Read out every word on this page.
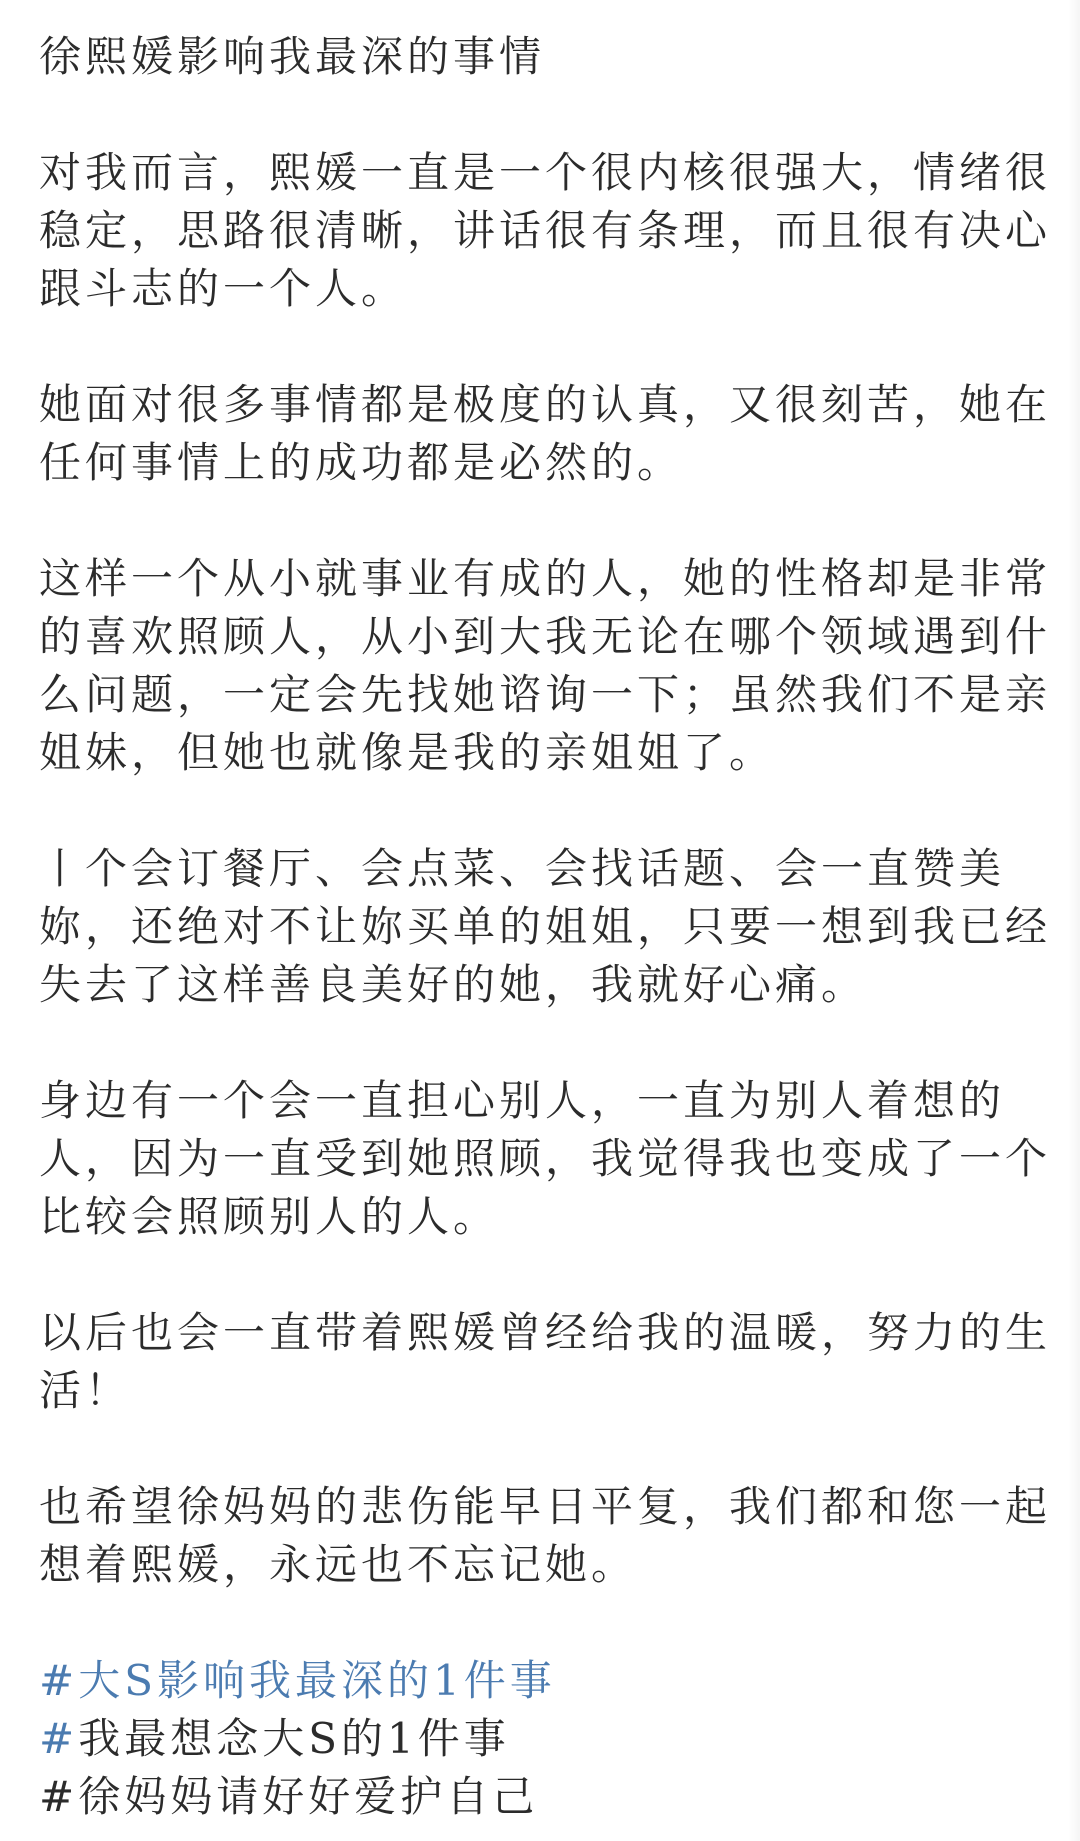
徐熙媛影响我最深的事情
对我而言，熙媛一直是一个很内核很强大，情绪很
稳定，思路很清晰，讲话很有条理，而且很有决心
跟斗志的一个人。
她面对很多事情都是极度的认真，又很刻苦，她在
任何事情上的成功都是必然的。
这样一个从小就事业有成的人，她的性格却是非常
的喜欢照顾人，从小到大我无论在哪个领域遇到什
么问题，一定会先找她谘询一下；虽然我们不是亲
姐妹，但她也就像是我的亲姐姐了。
丨个会订餐厅、会点菜、会找话题、会一直赞美
妳，还绝对不让妳买单的姐姐，只要一想到我已经
失去了这样善良美好的她，我就好心痛。
身边有一个会一直担心别人，一直为别人着想的
人，因为一直受到她照顾，我觉得我也变成了一个
比较会照顾别人的人。
以后也会一直带着熙媛曾经给我的温暖，努力的生
活！
也希望徐妈妈的悲伤能早日平复，我们都和您一起
想着熙媛，永远也不忘记她。
#大S影响我最深的1件事
#我最想念大S的1件事
#徐妈妈请好好爱护自己
